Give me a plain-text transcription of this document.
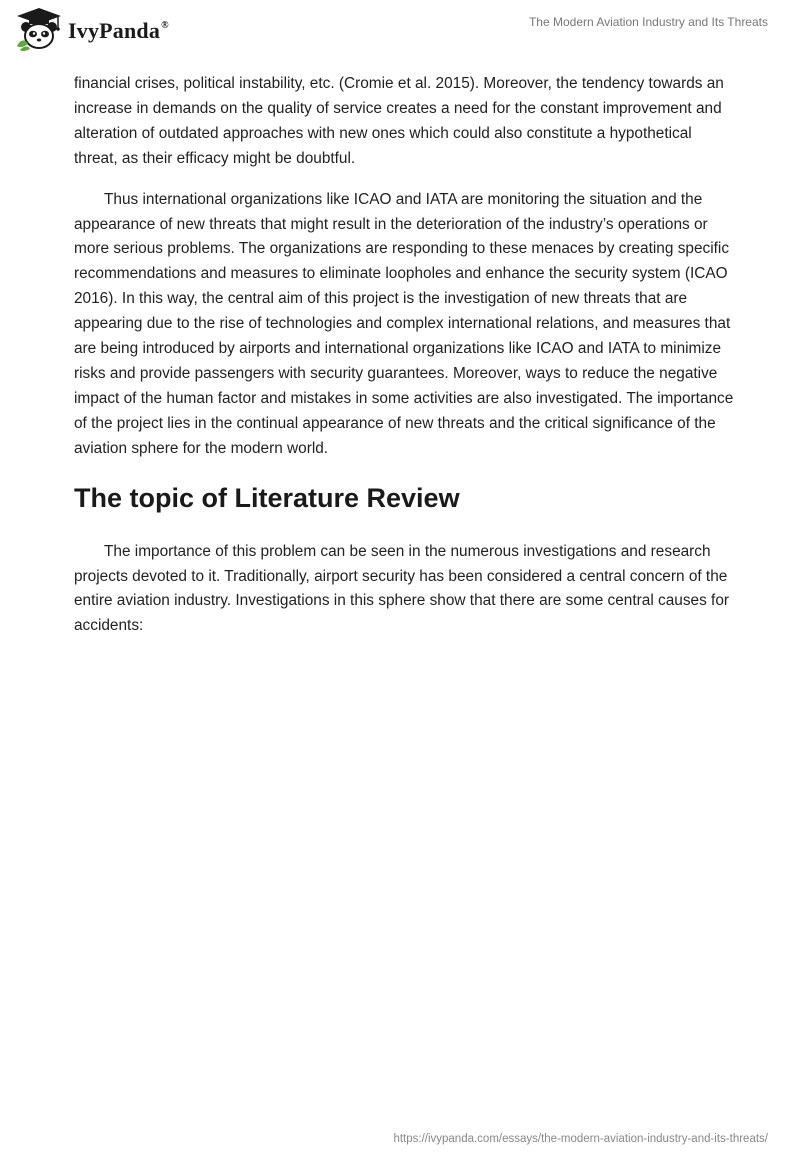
IvyPanda®	The Modern Aviation Industry and Its Threats

financial crises, political instability, etc. (Cromie et al. 2015). Moreover, the tendency towards an increase in demands on the quality of service creates a need for the constant improvement and alteration of outdated approaches with new ones which could also constitute a hypothetical threat, as their efficacy might be doubtful.

Thus international organizations like ICAO and IATA are monitoring the situation and the appearance of new threats that might result in the deterioration of the industry’s operations or more serious problems. The organizations are responding to these menaces by creating specific recommendations and measures to eliminate loopholes and enhance the security system (ICAO 2016). In this way, the central aim of this project is the investigation of new threats that are appearing due to the rise of technologies and complex international relations, and measures that are being introduced by airports and international organizations like ICAO and IATA to minimize risks and provide passengers with security guarantees. Moreover, ways to reduce the negative impact of the human factor and mistakes in some activities are also investigated. The importance of the project lies in the continual appearance of new threats and the critical significance of the aviation sphere for the modern world.

The topic of Literature Review

The importance of this problem can be seen in the numerous investigations and research projects devoted to it. Traditionally, airport security has been considered a central concern of the entire aviation industry. Investigations in this sphere show that there are some central causes for accidents:

https://ivypanda.com/essays/the-modern-aviation-industry-and-its-threats/
